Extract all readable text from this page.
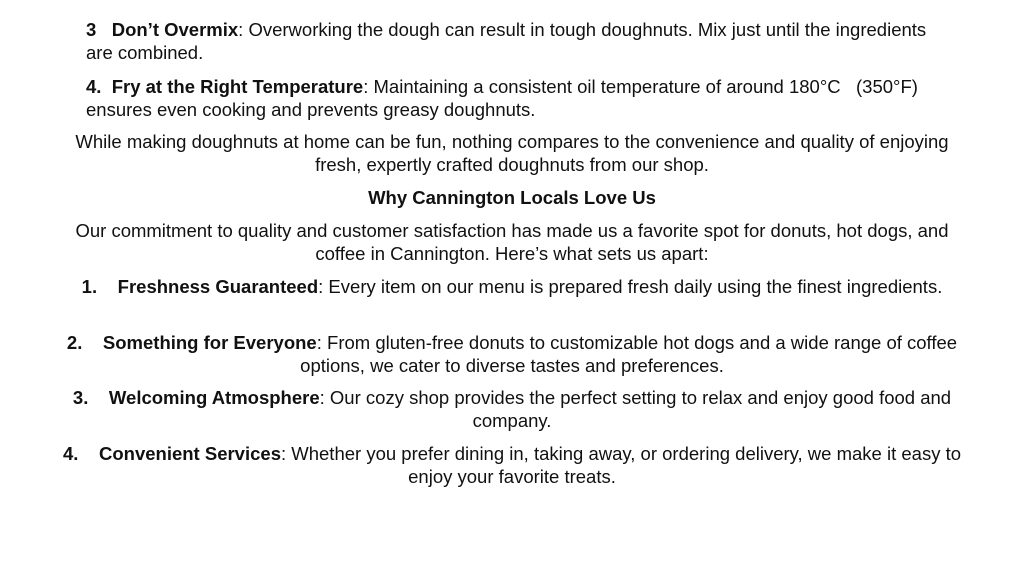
3 Don’t Overmix: Overworking the dough can result in tough doughnuts. Mix just until the ingredients are combined.

4. Fry at the Right Temperature: Maintaining a consistent oil temperature of around 180°C   (350°F) ensures even cooking and prevents greasy doughnuts.

While making doughnuts at home can be fun, nothing compares to the convenience and quality of enjoying fresh, expertly crafted doughnuts from our shop.

Why Cannington Locals Love Us

Our commitment to quality and customer satisfaction has made us a favorite spot for donuts, hot dogs, and coffee in Cannington. Here’s what sets us apart:

1. Freshness Guaranteed: Every item on our menu is prepared fresh daily using the finest ingredients.

2. Something for Everyone: From gluten-free donuts to customizable hot dogs and a wide range of coffee options, we cater to diverse tastes and preferences.

3. Welcoming Atmosphere: Our cozy shop provides the perfect setting to relax and enjoy good food and company.

4. Convenient Services: Whether you prefer dining in, taking away, or ordering delivery, we make it easy to enjoy your favorite treats.
